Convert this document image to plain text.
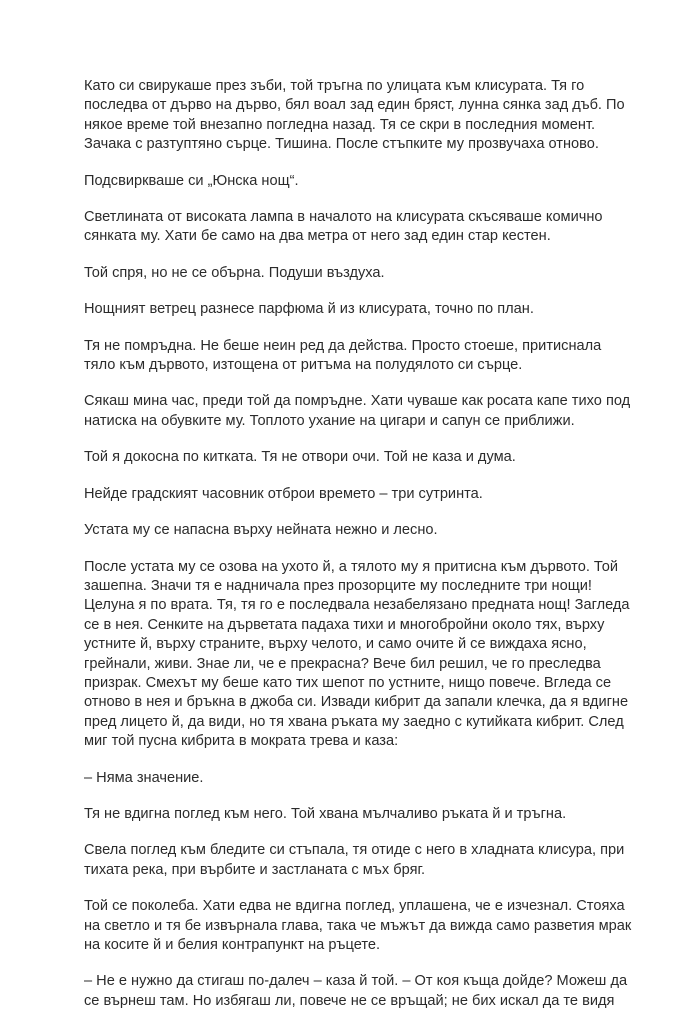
Като си свирукаше през зъби, той тръгна по улицата към клисурата. Тя го
последва от дърво на дърво, бял воал зад един бряст, лунна сянка зад дъб. По
някое време той внезапно погледна назад. Тя се скри в последния момент.
Зачака с разтуптяно сърце. Тишина. После стъпките му прозвучаха отново.

Подсвиркваше си „Юнска нощ“.

Светлината от високата лампа в началото на клисурата скъсяваше комично
сянката му. Хати бе само на два метра от него зад един стар кестен.

Той спря, но не се обърна. Подуши въздуха.

Нощният ветрец разнесе парфюма й из клисурата, точно по план.

Тя не помръдна. Не беше неин ред да действа. Просто стоеше, притиснала
тяло към дървото, изтощена от ритъма на полудялото си сърце.

Сякаш мина час, преди той да помръдне. Хати чуваше как росата капе тихо под
натиска на обувките му. Топлото ухание на цигари и сапун се приближи.

Той я докосна по китката. Тя не отвори очи. Той не каза и дума.

Нейде градският часовник отброи времето – три сутринта.

Устата му се напасна върху нейната нежно и лесно.

После устата му се озова на ухото й, а тялото му я притисна към дървото. Той
зашепна. Значи тя е надничала през прозорците му последните три нощи!
Целуна я по врата. Тя, тя го е последвала незабелязано предната нощ! Загледа
се в нея. Сенките на дърветата падаха тихи и многобройни около тях, върху
устните й, върху страните, върху челото, и само очите й се виждаха ясно,
грейнали, живи. Знае ли, че е прекрасна? Вече бил решил, че го преследва
призрак. Смехът му беше като тих шепот по устните, нищо повече. Вгледа се
отново в нея и бръкна в джоба си. Извади кибрит да запали клечка, да я вдигне
пред лицето й, да види, но тя хвана ръката му заедно с кутийката кибрит. След
миг той пусна кибрита в мократа трева и каза:

– Няма значение.

Тя не вдигна поглед към него. Той хвана мълчаливо ръката й и тръгна.

Свела поглед към бледите си стъпала, тя отиде с него в хладната клисура, при
тихата река, при върбите и застланата с мъх бряг.

Той се поколеба. Хати едва не вдигна поглед, уплашена, че е изчезнал. Стояха
на светло и тя бе извърнала глава, така че мъжът да вижда само разветия мрак
на косите й и белия контрапункт на ръцете.

– Не е нужно да стигаш по-далеч – каза й той. – От коя къща дойде? Можеш да
се върнеш там. Но избягаш ли, повече не се връщай; не бих искал да те видя
